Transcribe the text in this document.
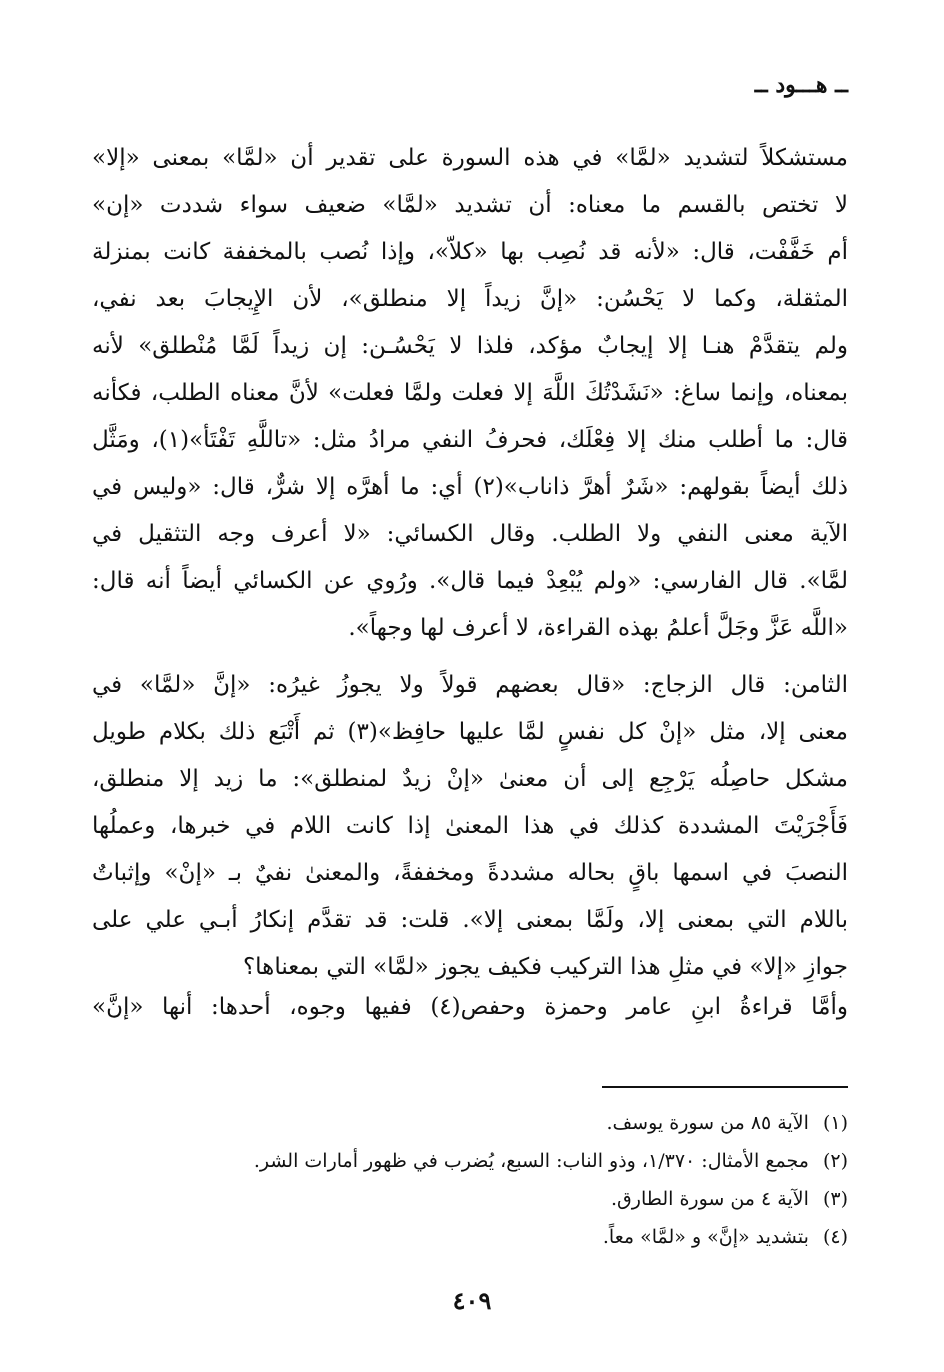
ــ هـــود ــ
مستشكلاً لتشديد «لمَّا» في هذه السورة على تقدير أن «لمَّا» بمعنى «إلا»
لا تختص بالقسم ما معناه: أن تشديد «لمَّا» ضعيف سواء شددت «إن»
أم خَفَّفْت، قال: «لأنه قد نُصِب بها «كلاّ»، وإذا نُصب بالمخففة كانت بمنزلة
المثقلة، وكما لا يَحْسُن: «إنَّ زيداً إلا منطلق»، لأن الإِيجابَ بعد نفي،
ولم يتقدَّمْ هنـا إلا إيجابٌ مؤكد، فلذا لا يَحْسُـن: إن زيداً لَمَّا مُنْطلق» لأنه
بمعناه، وإنما ساغ: «نَشَدْتُكَ اللَّهَ إلا فعلت ولمَّا فعلت» لأنَّ معناه الطلب، فكأنه
قال: ما أطلب منك إلا فِعْلَك، فحرفُ النفي مرادُ مثل: «تاللَّهِ تَفْتَأ»(١)، ومَثَّل
ذلك أيضاً بقولهم: «شَرٌ أهرَّ ذاناب»(٢) أي: ما أهرَّه إلا شرٌّ، قال: «وليس في
الآية معنى النفي ولا الطلب. وقال الكسائي: «لا أعرف وجه التثقيل في
لمَّا». قال الفارسي: «ولم يُبْعِدْ فيما قال». ورُوي عن الكسائي أيضاً أنه قال:
«اللَّه عَزَّ وجَلَّ أعلمُ بهذه القراءة، لا أعرف لها وجهاً».
الثامن: قال الزجاج: «قال بعضهم قولاً ولا يجوزُ غيرُه: «إنَّ «لمَّا» في
معنى إلا، مثل «إنْ كل نفسٍ لمَّا عليها حافِظ»(٣) ثم أَتْبَع ذلك بكلام طويل
مشكل حاصِلُه يَرْجِع إلى أن معنىٰ «إنْ زيدٌ لمنطلق»: ما زيد إلا منطلق،
فَأَجْرَيْتَ المشددة كذلك في هذا المعنىٰ إذا كانت اللام في خبرها، وعملُها
النصبَ في اسمها باقٍ بحاله مشددةً ومخففةً، والمعنىٰ نفيٌ بـ «إنْ» وإثباتٌ
باللام التي بمعنى إلا، ولَمَّا بمعنى إلا». قلت: قد تقدَّم إنكارُ أبـي علي على
جوازِ «إلا» في مثلِ هذا التركيب فكيف يجوز «لمَّا» التي بمعناها؟
وأمَّا قراءةُ ابنِ عامر وحمزة وحفص(٤) ففيها وجوه، أحدها: أنها «إنَّ»
(١) الآية ٨٥ من سورة يوسف.
(٢) مجمع الأمثال: ١/٣٧٠، وذو الناب: السبع، يُضرب في ظهور أمارات الشر.
(٣) الآية ٤ من سورة الطارق.
(٤) بتشديد «إنَّ» و «لمَّا» معاً.
٤٠٩
